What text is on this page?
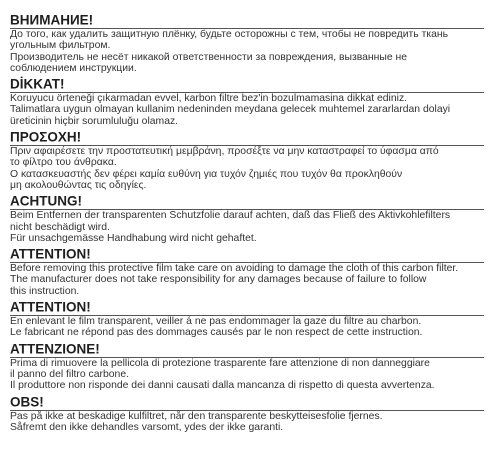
ВНИМАНИЕ!
До того, как удалить защитную плёнку, будьте осторожны с тем, чтобы не повредить ткань
угольным фильтром.
Производитель не несёт никакой ответственности за повреждения, вызванные не
соблюдением инструкции.
DİKKAT!
Koruyucu örteneği çıkarmadan evvel, karbon filtre bez'in bozulmamasina dikkat ediniz.
Talimatlara uygun olmayan kullanim nedeninden meydana gelecek muhtemel zararlardan dolayi
üreticinin hiçbir sorumluluğu olamaz.
ΠΡΟΣΟΧΗ!
Πριν αφαιρέσετε την προστατευτική μεμβράνη, προσέξτε να μην καταστραφεί το ύφασμα από
το φίλτρο του άνθρακα.
Ο κατασκευαστής δεν φέρει καμία ευθύνη για τυχόν ζημιές που τυχόν θα προκληθούν
μη ακολουθώντας τις οδηγίες.
ACHTUNG!
Beim Entfernen der transparenten Schutzfolie darauf achten, daß das Fließ des Aktivkohlefilters
nicht beschädigt wird.
Für unsachgemässe Handhabung wird nicht gehaftet.
ATTENTION!
Before removing this protective film take care on avoiding to damage the cloth of this carbon filter.
The manufacturer does not take responsibility for any damages because of failure to follow
this instruction.
ATTENTION!
En enlevant le film transparent, veiller á ne pas endommager la gaze du filtre au charbon.
Le fabricant ne répond pas des dommages causés par le non respect de cette instruction.
ATTENZIONE!
Prima di rimuovere la pellicola di protezione trasparente fare attenzione di non danneggiare
il panno del filtro carbone.
Il produttore non risponde dei danni causati dalla mancanza di rispetto di questa avvertenza.
OBS!
Pas på ikke at beskadige kulfiltret, når den transparente beskytteisesfolie fjernes.
Såfremt den ikke dehandles varsomt, ydes der ikke garanti.
